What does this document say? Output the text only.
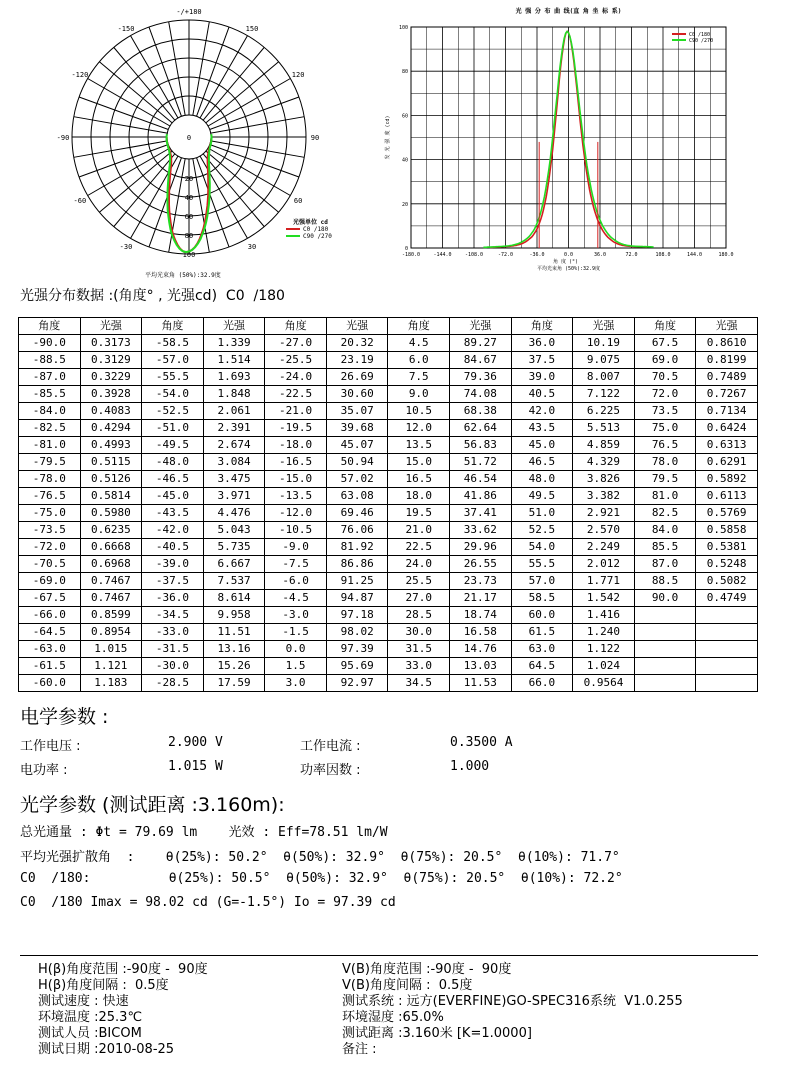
-/+180
-150	150
-120	120
-90	90
-60	60
-30	30
0
20
40
60
80
100
光强单位 cd
C0 /180
C90 /270
平均光束角 (50%):32.9度
光 强 分 布 曲 线(直 角 坐 标 系)
-180.0	-144.0	-108.0	-72.0	-36.0	0.0	36.0	72.0	108.0	144.0	180.0
0
20
40
60
80
100
角 度 (°)
平均光束角 (50%):32.9度
发 光 强 度 (cd)
C0 /180
C90 /270
光强分布数据 :(角度° , 光强cd)  C0  /180
角度	光强	角度	光强	角度	光强	角度	光强	角度	光强	角度	光强
-90.0	0.3173	-58.5	1.339	-27.0	20.32	4.5	89.27	36.0	10.19	67.5	0.8610
-88.5	0.3129	-57.0	1.514	-25.5	23.19	6.0	84.67	37.5	9.075	69.0	0.8199
-87.0	0.3229	-55.5	1.693	-24.0	26.69	7.5	79.36	39.0	8.007	70.5	0.7489
-85.5	0.3928	-54.0	1.848	-22.5	30.60	9.0	74.08	40.5	7.122	72.0	0.7267
-84.0	0.4083	-52.5	2.061	-21.0	35.07	10.5	68.38	42.0	6.225	73.5	0.7134
-82.5	0.4294	-51.0	2.391	-19.5	39.68	12.0	62.64	43.5	5.513	75.0	0.6424
-81.0	0.4993	-49.5	2.674	-18.0	45.07	13.5	56.83	45.0	4.859	76.5	0.6313
-79.5	0.5115	-48.0	3.084	-16.5	50.94	15.0	51.72	46.5	4.329	78.0	0.6291
-78.0	0.5126	-46.5	3.475	-15.0	57.02	16.5	46.54	48.0	3.826	79.5	0.5892
-76.5	0.5814	-45.0	3.971	-13.5	63.08	18.0	41.86	49.5	3.382	81.0	0.6113
-75.0	0.5980	-43.5	4.476	-12.0	69.46	19.5	37.41	51.0	2.921	82.5	0.5769
-73.5	0.6235	-42.0	5.043	-10.5	76.06	21.0	33.62	52.5	2.570	84.0	0.5858
-72.0	0.6668	-40.5	5.735	-9.0	81.92	22.5	29.96	54.0	2.249	85.5	0.5381
-70.5	0.6968	-39.0	6.667	-7.5	86.86	24.0	26.55	55.5	2.012	87.0	0.5248
-69.0	0.7467	-37.5	7.537	-6.0	91.25	25.5	23.73	57.0	1.771	88.5	0.5082
-67.5	0.7467	-36.0	8.614	-4.5	94.87	27.0	21.17	58.5	1.542	90.0	0.4749
-66.0	0.8599	-34.5	9.958	-3.0	97.18	28.5	18.74	60.0	1.416		
-64.5	0.8954	-33.0	11.51	-1.5	98.02	30.0	16.58	61.5	1.240		
-63.0	1.015	-31.5	13.16	0.0	97.39	31.5	14.76	63.0	1.122		
-61.5	1.121	-30.0	15.26	1.5	95.69	33.0	13.03	64.5	1.024		
-60.0	1.183	-28.5	17.59	3.0	92.97	34.5	11.53	66.0	0.9564		
电学参数 :
工作电压 :	2.900 V	工作电流 :	0.3500 A
电功率 :	1.015 W	功率因数 :	1.000
光学参数 (测试距离 :3.160m):
总光通量 : Φt = 79.69 lm    光效 : Eff=78.51 lm/W
平均光强扩散角  :    θ(25%): 50.2°  θ(50%): 32.9°  θ(75%): 20.5°  θ(10%): 71.7°
C0  /180:          θ(25%): 50.5°  θ(50%): 32.9°  θ(75%): 20.5°  θ(10%): 72.2°
C0  /180 Imax = 98.02 cd (G=-1.5°) Io = 97.39 cd
H(β)角度范围 :-90度 -  90度
H(β)角度间隔 :  0.5度
测试速度 : 快速
环境温度 :25.3℃
测试人员 :BICOM
测试日期 :2010-08-25
V(B)角度范围 :-90度 -  90度
V(B)角度间隔 :  0.5度
测试系统 : 远方(EVERFINE)GO-SPEC316系统  V1.0.255
环境湿度 :65.0%
测试距离 :3.160米 [K=1.0000]
备注 :
